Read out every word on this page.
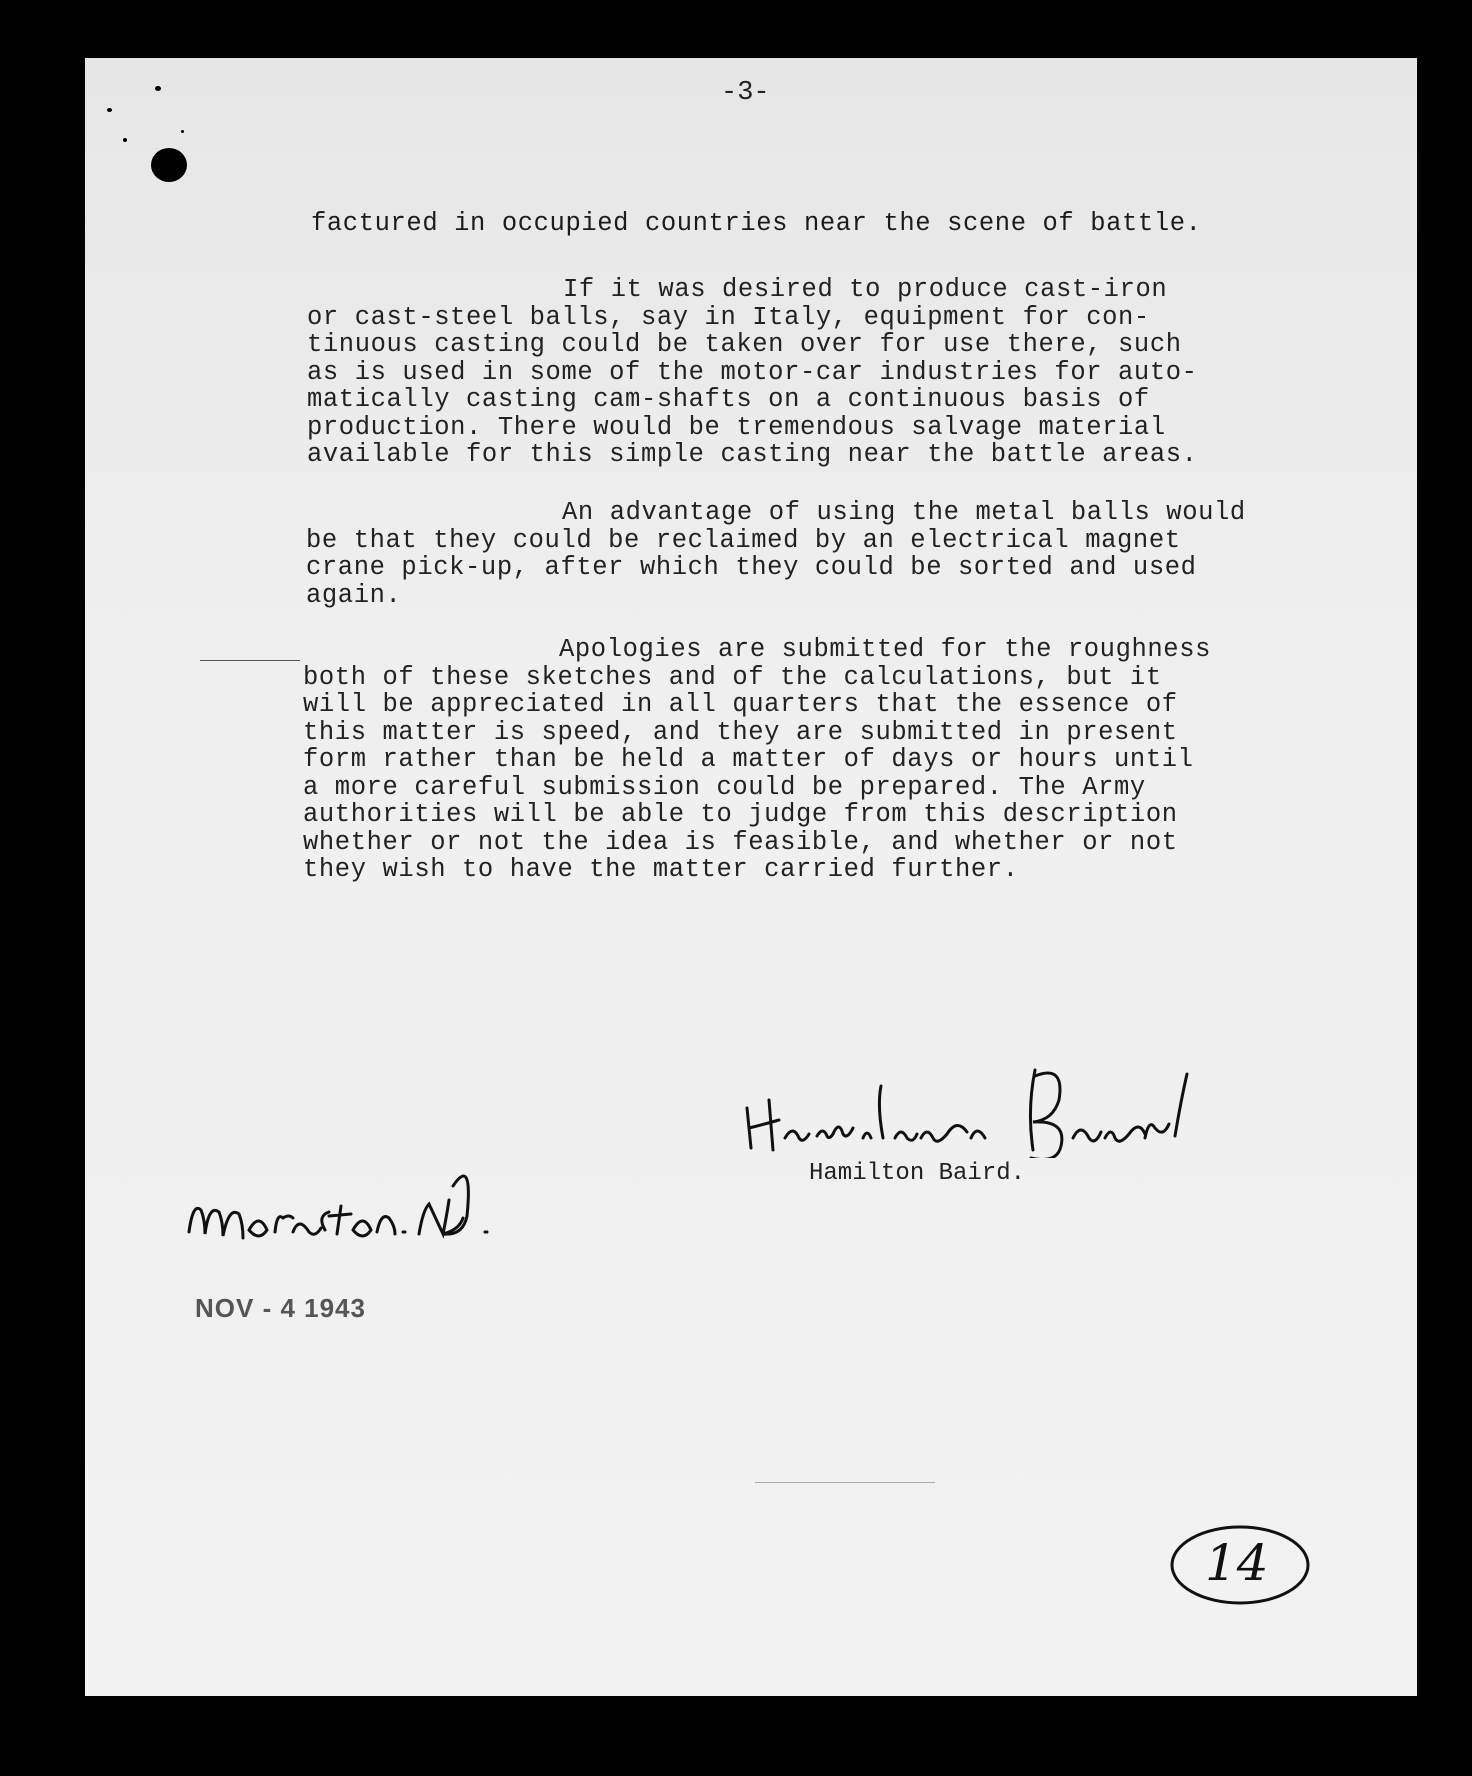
-3-
factured in occupied countries near the scene of battle.
If it was desired to produce cast-iron
or cast-steel balls, say in Italy, equipment for con-
tinuous casting could be taken over for use there, such
as is used in some of the motor-car industries for auto-
matically casting cam-shafts on a continuous basis of
production. There would be tremendous salvage material
available for this simple casting near the battle areas.
An advantage of using the metal balls would
be that they could be reclaimed by an electrical magnet
crane pick-up, after which they could be sorted and used
again.
Apologies are submitted for the roughness
both of these sketches and of the calculations, but it
will be appreciated in all quarters that the essence of
this matter is speed, and they are submitted in present
form rather than be held a matter of days or hours until
a more careful submission could be prepared. The Army
authorities will be able to judge from this description
whether or not the idea is feasible, and whether or not
they wish to have the matter carried further.
Hamilton Baird.
NOV - 4 1943
14
